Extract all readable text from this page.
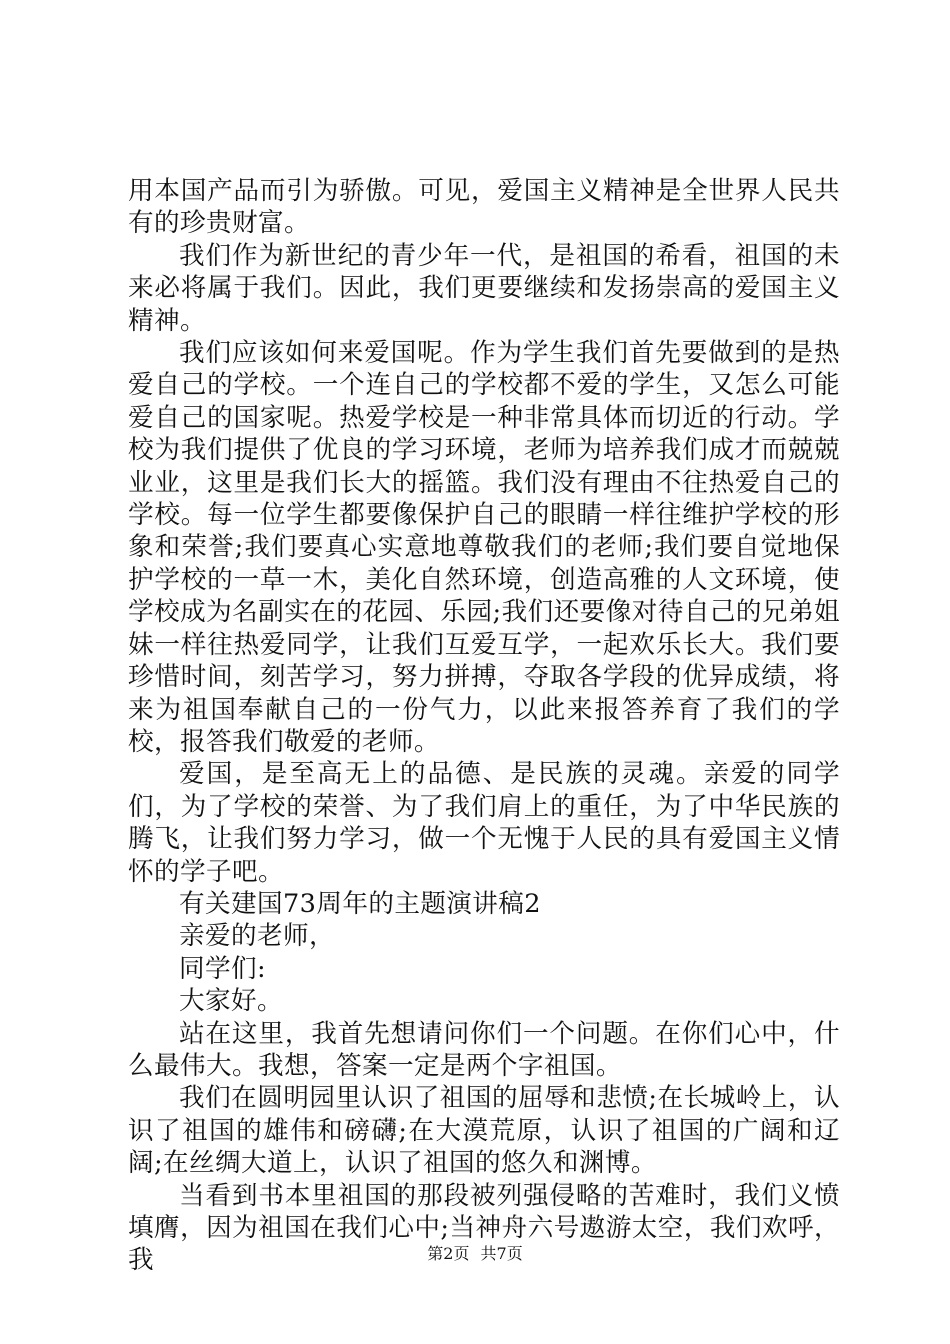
用本国产品而引为骄傲。可见，爱国主义精神是全世界人民共有的珍贵财富。

我们作为新世纪的青少年一代，是祖国的希看，祖国的未来必将属于我们。因此，我们更要继续和发扬崇高的爱国主义精神。

我们应该如何来爱国呢。作为学生我们首先要做到的是热爱自己的学校。一个连自己的学校都不爱的学生，又怎么可能爱自己的国家呢。热爱学校是一种非常具体而切近的行动。学校为我们提供了优良的学习环境，老师为培养我们成才而兢兢业业，这里是我们长大的摇篮。我们没有理由不往热爱自己的学校。每一位学生都要像保护自己的眼睛一样往维护学校的形象和荣誉;我们要真心实意地尊敬我们的老师;我们要自觉地保护学校的一草一木，美化自然环境，创造高雅的人文环境，使学校成为名副实在的花园、乐园;我们还要像对待自己的兄弟姐妹一样往热爱同学，让我们互爱互学，一起欢乐长大。我们要珍惜时间，刻苦学习，努力拼搏，夺取各学段的优异成绩，将来为祖国奉献自己的一份气力，以此来报答养育了我们的学校，报答我们敬爱的老师。

爱国，是至高无上的品德、是民族的灵魂。亲爱的同学们，为了学校的荣誉、为了我们肩上的重任，为了中华民族的腾飞，让我们努力学习，做一个无愧于人民的具有爱国主义情怀的学子吧。

有关建国73周年的主题演讲稿2

亲爱的老师，

同学们:

大家好。

站在这里，我首先想请问你们一个问题。在你们心中，什么最伟大。我想，答案一定是两个字祖国。

我们在圆明园里认识了祖国的屈辱和悲愤;在长城岭上，认识了祖国的雄伟和磅礴;在大漠荒原，认识了祖国的广阔和辽阔;在丝绸大道上，认识了祖国的悠久和渊博。

当看到书本里祖国的那段被列强侵略的苦难时，我们义愤填膺，因为祖国在我们心中;当神舟六号遨游太空，我们欢呼，我	第2页 共7页
